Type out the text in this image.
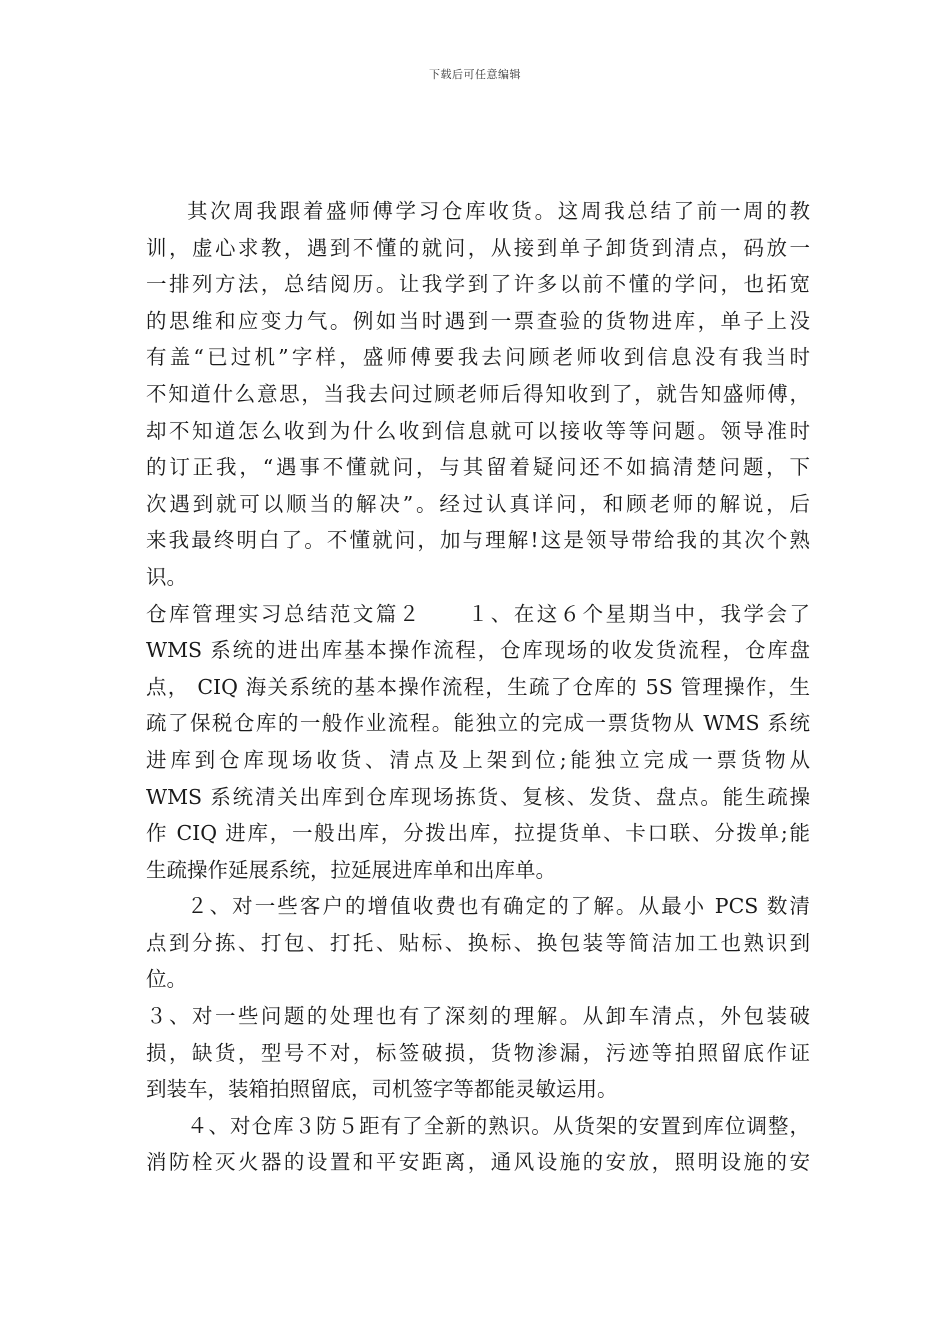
下载后可任意编辑
其次周我跟着盛师傅学习仓库收货。这周我总结了前一周的教
训，虚心求教，遇到不懂的就问，从接到单子卸货到清点，码放一
一排列方法，总结阅历。让我学到了许多以前不懂的学问，也拓宽
的思维和应变力气。例如当时遇到一票查验的货物进库，单子上没
有盖“已过机”字样，盛师傅要我去问顾老师收到信息没有我当时
不知道什么意思，当我去问过顾老师后得知收到了，就告知盛师傅，
却不知道怎么收到为什么收到信息就可以接收等等问题。领导准时
的订正我，“遇事不懂就问，与其留着疑问还不如搞清楚问题，下
次遇到就可以顺当的解决”。经过认真详问，和顾老师的解说，后
来我最终明白了。不懂就问，加与理解!这是领导带给我的其次个熟
识。
仓库管理实习总结范文篇２　　１、在这６个星期当中，我学会了
WMS 系统的进出库基本操作流程，仓库现场的收发货流程，仓库盘
点， CIQ 海关系统的基本操作流程，生疏了仓库的 5S 管理操作，生
疏了保税仓库的一般作业流程。能独立的完成一票货物从 WMS 系统
进库到仓库现场收货、清点及上架到位;能独立完成一票货物从
WMS 系统清关出库到仓库现场拣货、复核、发货、盘点。能生疏操
作 CIQ 进库，一般出库，分拨出库，拉提货单、卡口联、分拨单;能
生疏操作延展系统，拉延展进库单和出库单。
２、对一些客户的增值收费也有确定的了解。从最小 PCS 数清
点到分拣、打包、打托、贴标、换标、换包装等简洁加工也熟识到
位。
３、对一些问题的处理也有了深刻的理解。从卸车清点，外包装破
损，缺货，型号不对，标签破损，货物渗漏，污迹等拍照留底作证
到装车，装箱拍照留底，司机签字等都能灵敏运用。
４、对仓库３防５距有了全新的熟识。从货架的安置到库位调整，
消防栓灭火器的设置和平安距离，通风设施的安放，照明设施的安
